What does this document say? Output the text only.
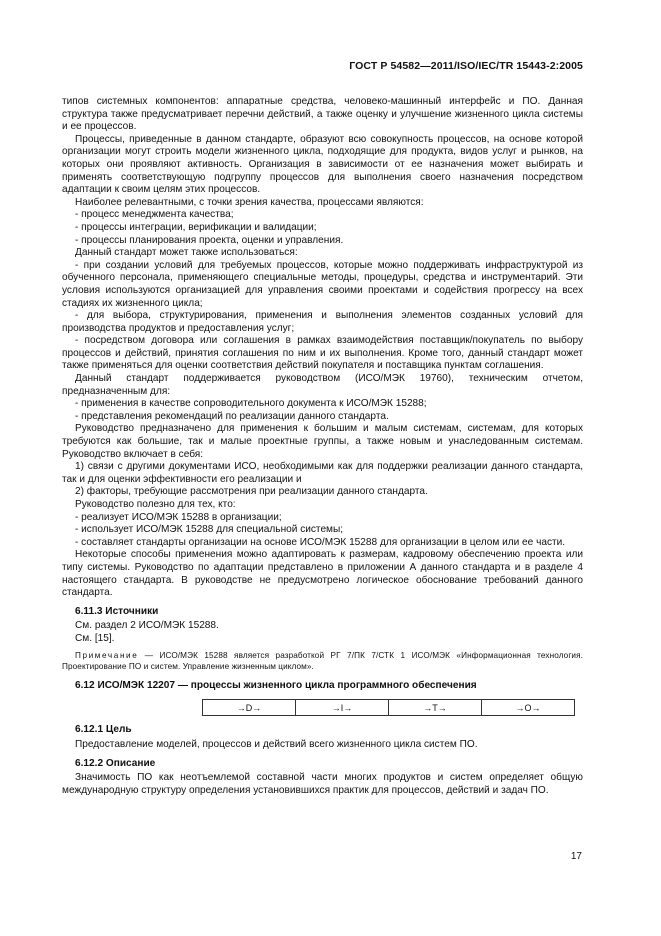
ГОСТ Р 54582—2011/ISO/IEC/TR 15443-2:2005

типов системных компонентов: аппаратные средства, человеко-машинный интерфейс и ПО. Данная структура также предусматривает перечни действий, а также оценку и улучшение жизненного цикла системы и ее процессов.

Процессы, приведенные в данном стандарте, образуют всю совокупность процессов, на основе которой организации могут строить модели жизненного цикла, подходящие для продукта, видов услуг и рынков, на которых они проявляют активность. Организация в зависимости от ее назначения может выбирать и применять соответствующую подгруппу процессов для выполнения своего назначения посредством адаптации к своим целям этих процессов.

Наиболее релевантными, с точки зрения качества, процессами являются:

- процесс менеджмента качества;

- процессы интеграции, верификации и валидации;

- процессы планирования проекта, оценки и управления.

Данный стандарт может также использоваться:

- при создании условий для требуемых процессов, которые можно поддерживать инфраструктурой из обученного персонала, применяющего специальные методы, процедуры, средства и инструментарий. Эти условия используются организацией для управления своими проектами и содействия прогрессу на всех стадиях их жизненного цикла;

- для выбора, структурирования, применения и выполнения элементов созданных условий для производства продуктов и предоставления услуг;

- посредством договора или соглашения в рамках взаимодействия поставщик/покупатель по выбору процессов и действий, принятия соглашения по ним и их выполнения. Кроме того, данный стандарт может также применяться для оценки соответствия действий покупателя и поставщика пунктам соглашения.

Данный стандарт поддерживается руководством (ИСО/МЭК 19760), техническим отчетом, предназначенным для:

- применения в качестве сопроводительного документа к ИСО/МЭК 15288;

- представления рекомендаций по реализации данного стандарта.

Руководство предназначено для применения к большим и малым системам, системам, для которых требуются как большие, так и малые проектные группы, а также новым и унаследованным системам. Руководство включает в себя:

1) связи с другими документами ИСО, необходимыми как для поддержки реализации данного стандарта, так и для оценки эффективности его реализации и

2) факторы, требующие рассмотрения при реализации данного стандарта.

Руководство полезно для тех, кто:

- реализует ИСО/МЭК 15288 в организации;

- использует ИСО/МЭК 15288 для специальной системы;

- составляет стандарты организации на основе ИСО/МЭК 15288 для организации в целом или ее части.

Некоторые способы применения можно адаптировать к размерам, кадровому обеспечению проекта или типу системы. Руководство по адаптации представлено в приложении А данного стандарта и в разделе 4 настоящего стандарта. В руководстве не предусмотрено логическое обоснование требований данного стандарта.

6.11.3 Источники

См. раздел 2 ИСО/МЭК 15288.

См. [15].

Примечание — ИСО/МЭК 15288 является разработкой РГ 7/ПК 7/СТК 1 ИСО/МЭК «Информационная технология. Проектирование ПО и систем. Управление жизненным циклом».

6.12 ИСО/МЭК 12207 — процессы жизненного цикла программного обеспечения

→D→	→I→	→T→	→O→

6.12.1 Цель

Предоставление моделей, процессов и действий всего жизненного цикла систем ПО.

6.12.2 Описание

Значимость ПО как неотъемлемой составной части многих продуктов и систем определяет общую международную структуру определения установившихся практик для процессов, действий и задач ПО.

17
